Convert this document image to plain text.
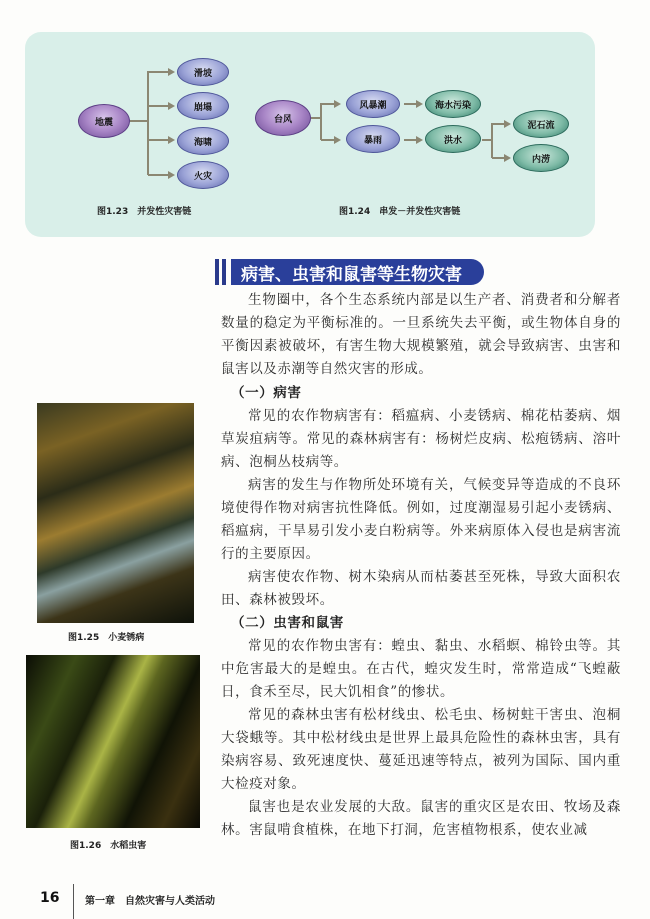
地震
滑坡
崩塌
海啸
火灾
图1.23　并发性灾害链
台风
风暴潮
暴雨
海水污染
洪水
泥石流
内涝
图1.24　串发－并发性灾害链
病害、虫害和鼠害等生物灾害

生物圈中，各个生态系统内部是以生产者、消费者和分解者数量的稳定为平衡标准的。一旦系统失去平衡，或生物体自身的平衡因素被破坏，有害生物大规模繁殖，就会导致病害、虫害和鼠害以及赤潮等自然灾害的形成。

（一）病害

常见的农作物病害有：稻瘟病、小麦锈病、棉花枯萎病、烟草炭疽病等。常见的森林病害有：杨树烂皮病、松疱锈病、溶叶病、泡桐丛枝病等。

病害的发生与作物所处环境有关，气候变异等造成的不良环境使得作物对病害抗性降低。例如，过度潮湿易引起小麦锈病、稻瘟病，干旱易引发小麦白粉病等。外来病原体入侵也是病害流行的主要原因。

病害使农作物、树木染病从而枯萎甚至死株，导致大面积农田、森林被毁坏。

（二）虫害和鼠害

常见的农作物虫害有：蝗虫、黏虫、水稻螟、棉铃虫等。其中危害最大的是蝗虫。在古代，蝗灾发生时，常常造成“飞蝗蔽日，食禾至尽，民大饥相食”的惨状。

常见的森林虫害有松材线虫、松毛虫、杨树蛀干害虫、泡桐大袋蛾等。其中松材线虫是世界上最具危险性的森林虫害，具有染病容易、致死速度快、蔓延迅速等特点，被列为国际、国内重大检疫对象。

鼠害也是农业发展的大敌。鼠害的重灾区是农田、牧场及森林。害鼠啃食植株，在地下打洞，危害植物根系，使农业减

图1.25　小麦锈病
图1.26　水稻虫害
16	第一章　自然灾害与人类活动
